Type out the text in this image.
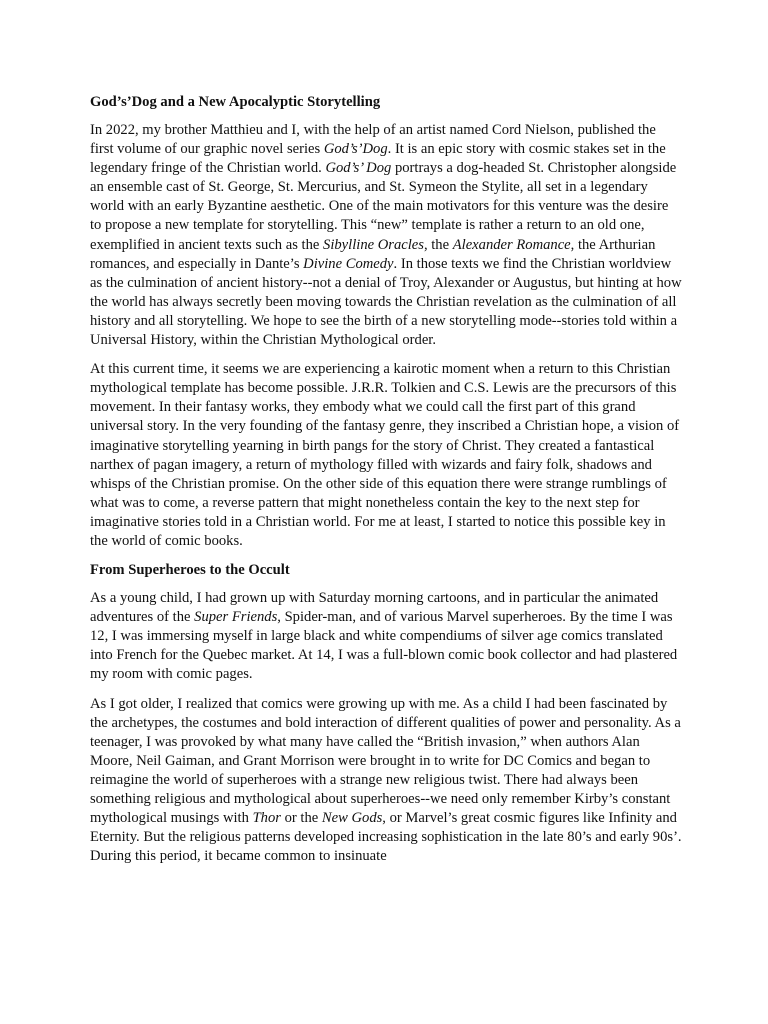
God’s’Dog and a New Apocalyptic Storytelling

In 2022, my brother Matthieu and I, with the help of an artist named Cord Nielson, published the first volume of our graphic novel series God’s’Dog. It is an epic story with cosmic stakes set in the legendary fringe of the Christian world. God’s’ Dog portrays a dog-headed St. Christopher alongside an ensemble cast of St. George, St. Mercurius, and St. Symeon the Stylite, all set in a legendary world with an early Byzantine aesthetic. One of the main motivators for this venture was the desire to propose a new template for storytelling. This “new” template is rather a return to an old one, exemplified in ancient texts such as the Sibylline Oracles, the Alexander Romance, the Arthurian romances, and especially in Dante’s Divine Comedy. In those texts we find the Christian worldview as the culmination of ancient history--not a denial of Troy, Alexander or Augustus, but hinting at how the world has always secretly been moving towards the Christian revelation as the culmination of all history and all storytelling. We hope to see the birth of a new storytelling mode--stories told within a Universal History, within the Christian Mythological order.

At this current time, it seems we are experiencing a kairotic moment when a return to this Christian mythological template has become possible. J.R.R. Tolkien and C.S. Lewis are the precursors of this movement. In their fantasy works, they embody what we could call the first part of this grand universal story. In the very founding of the fantasy genre, they inscribed a Christian hope, a vision of imaginative storytelling yearning in birth pangs for the story of Christ. They created a fantastical narthex of pagan imagery, a return of mythology filled with wizards and fairy folk, shadows and whisps of the Christian promise. On the other side of this equation there were strange rumblings of what was to come, a reverse pattern that might nonetheless contain the key to the next step for imaginative stories told in a Christian world. For me at least, I started to notice this possible key in the world of comic books.

From Superheroes to the Occult

As a young child, I had grown up with Saturday morning cartoons, and in particular the animated adventures of the Super Friends, Spider-man, and of various Marvel superheroes. By the time I was 12, I was immersing myself in large black and white compendiums of silver age comics translated into French for the Quebec market. At 14, I was a full-blown comic book collector and had plastered my room with comic pages.

As I got older, I realized that comics were growing up with me. As a child I had been fascinated by the archetypes, the costumes and bold interaction of different qualities of power and personality. As a teenager, I was provoked by what many have called the “British invasion,” when authors Alan Moore, Neil Gaiman, and Grant Morrison were brought in to write for DC Comics and began to reimagine the world of superheroes with a strange new religious twist. There had always been something religious and mythological about superheroes--we need only remember Kirby’s constant mythological musings with Thor or the New Gods, or Marvel’s great cosmic figures like Infinity and Eternity. But the religious patterns developed increasing sophistication in the late 80’s and early 90s’. During this period, it became common to insinuate
